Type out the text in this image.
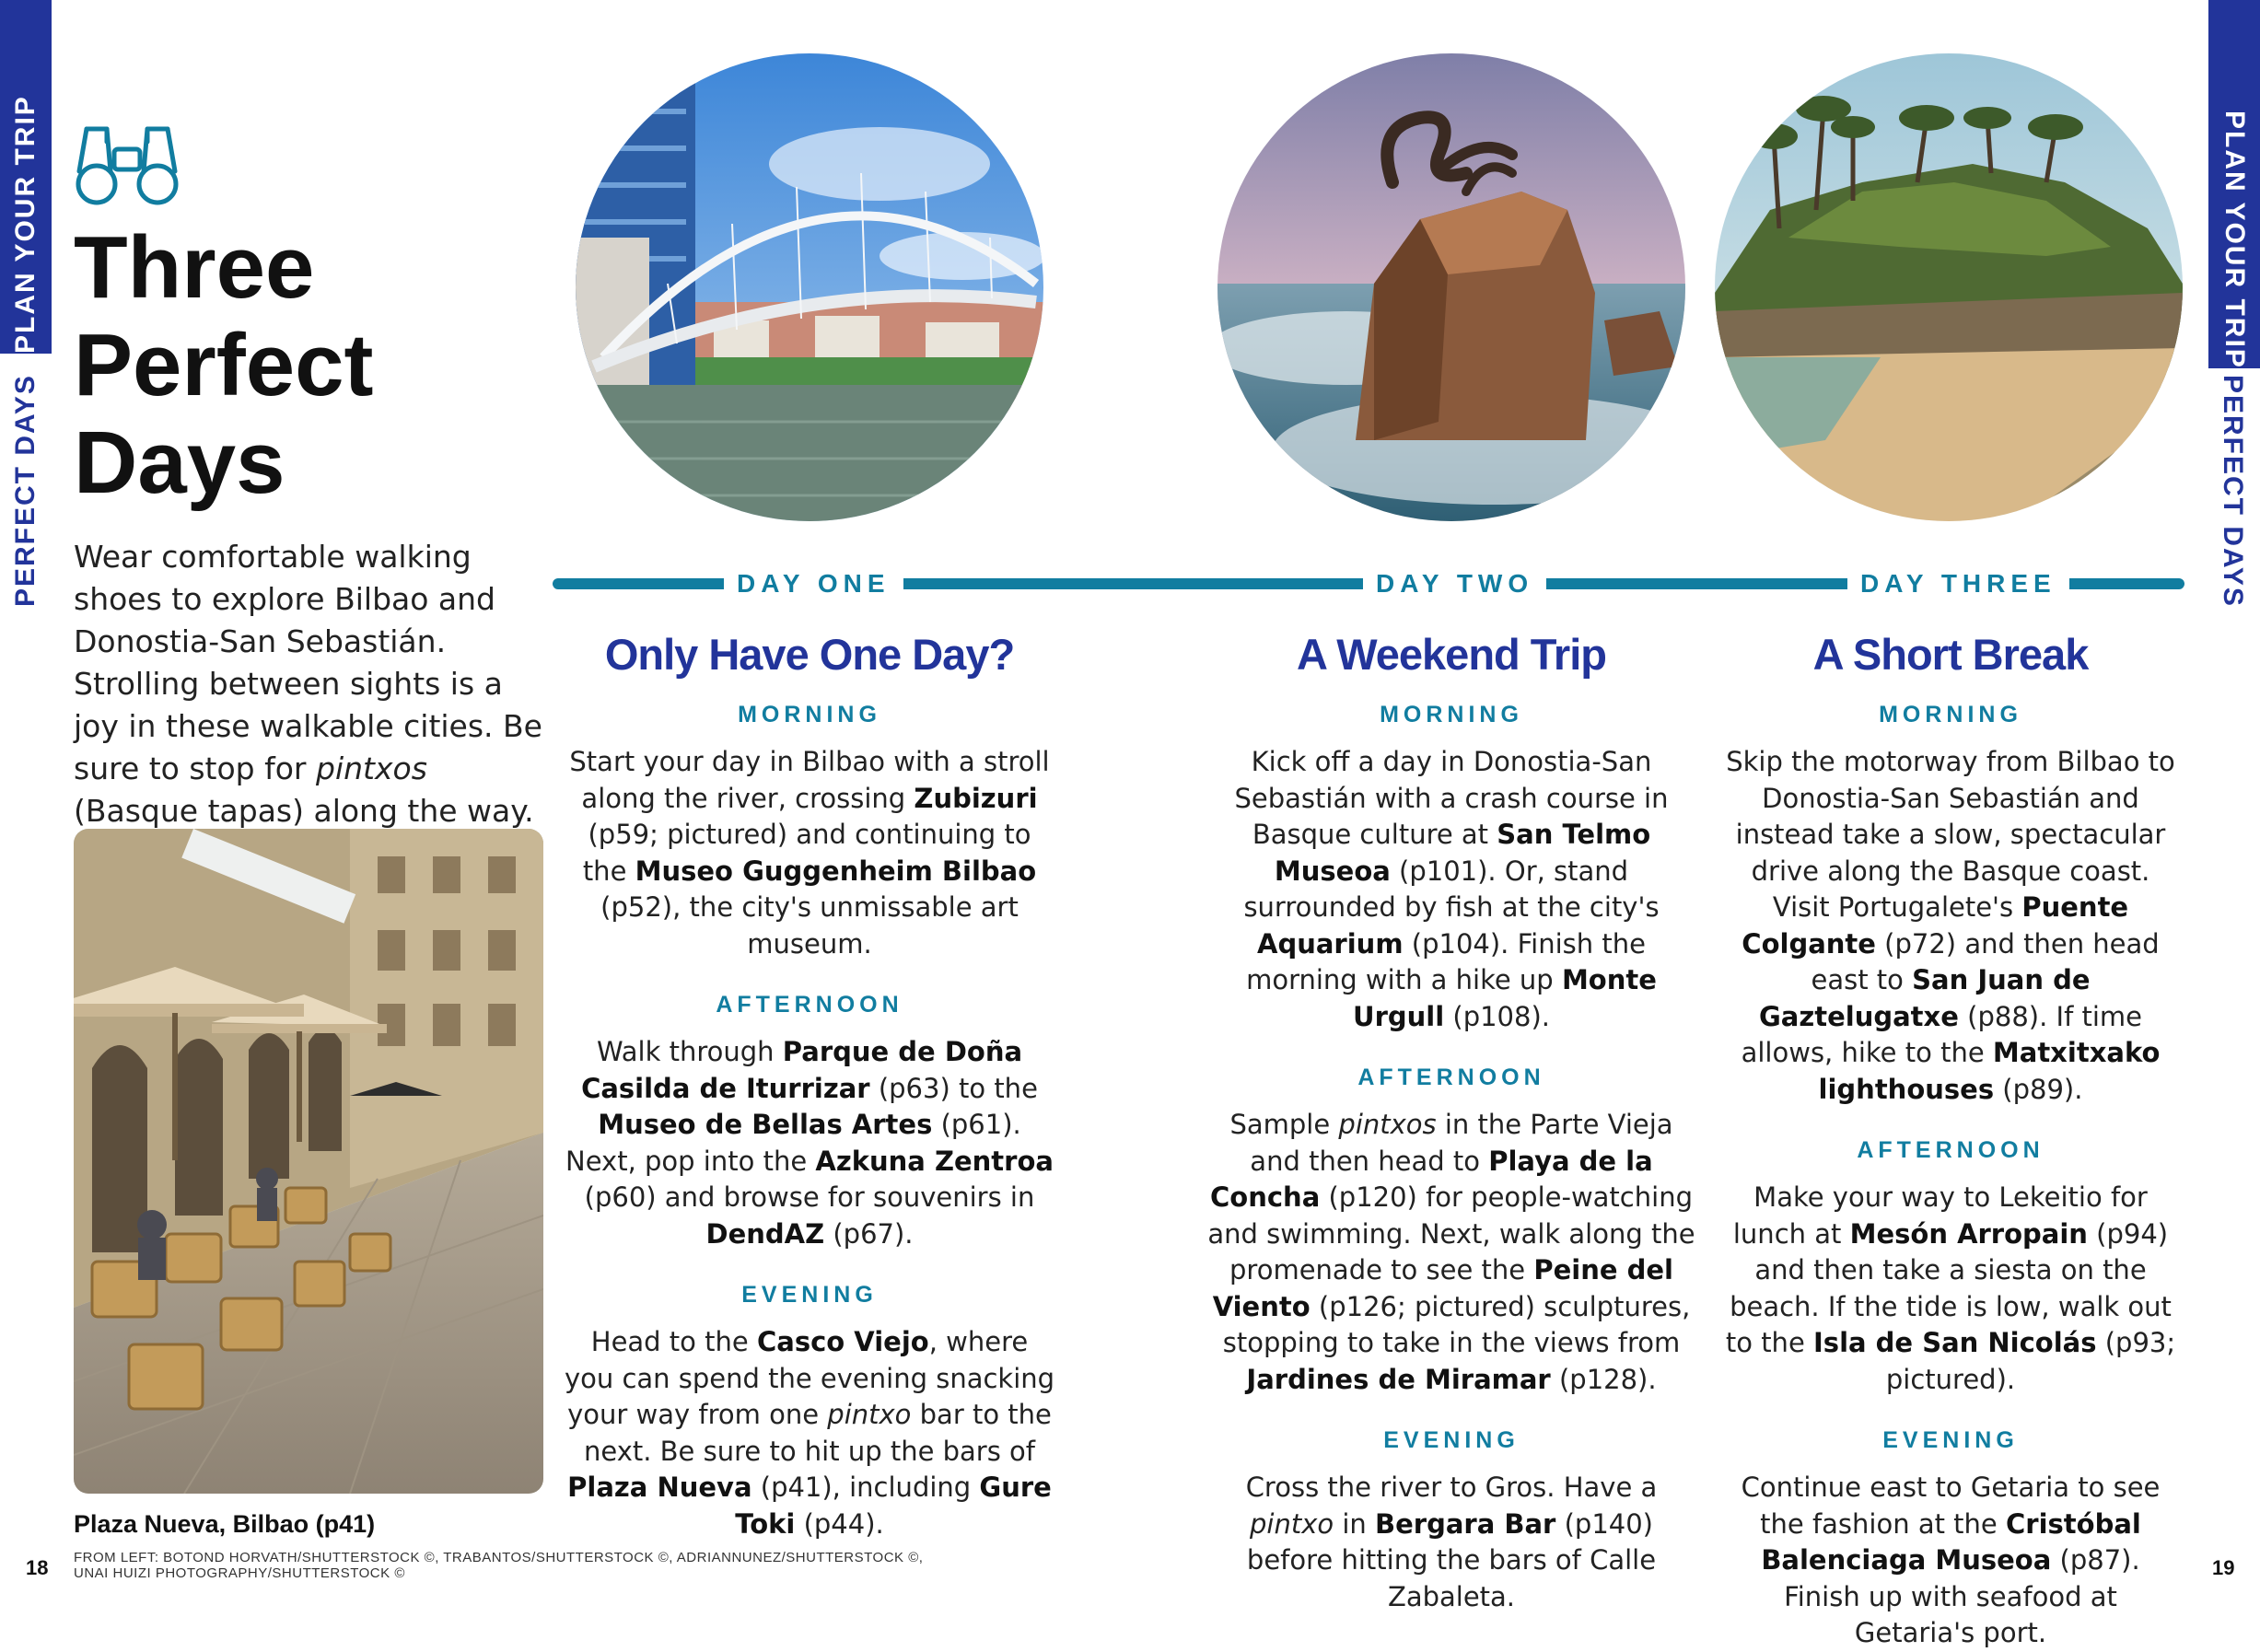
PLAN YOUR TRIP
PERFECT DAYS
PLAN YOUR TRIP
PERFECT DAYS
Three
Perfect
Days
Wear comfortable walking shoes to explore Bilbao and Donostia-San Sebastián. Strolling between sights is a joy in these walkable cities. Be sure to stop for pintxos (Basque tapas) along the way.
Plaza Nueva, Bilbao (p41)
FROM LEFT: BOTOND HORVATH/SHUTTERSTOCK ©, TRABANTOS/SHUTTERSTOCK ©, ADRIANNUNEZ/SHUTTERSTOCK ©,
UNAI HUIZI PHOTOGRAPHY/SHUTTERSTOCK ©
18	19
DAY ONE	DAY TWO	DAY THREE
Only Have One Day?
MORNING
Start your day in Bilbao with a stroll along the river, crossing Zubizuri (p59; pictured) and continuing to the Museo Guggenheim Bilbao (p52), the city's unmissable art museum.
AFTERNOON
Walk through Parque de Doña Casilda de Iturrizar (p63) to the Museo de Bellas Artes (p61). Next, pop into the Azkuna Zentroa (p60) and browse for souvenirs in DendAZ (p67).
EVENING
Head to the Casco Viejo, where you can spend the evening snacking your way from one pintxo bar to the next. Be sure to hit up the bars of Plaza Nueva (p41), including Gure Toki (p44).
A Weekend Trip
MORNING
Kick off a day in Donostia-San Sebastián with a crash course in Basque culture at San Telmo Museoa (p101). Or, stand surrounded by fish at the city's Aquarium (p104). Finish the morning with a hike up Monte Urgull (p108).
AFTERNOON
Sample pintxos in the Parte Vieja and then head to Playa de la Concha (p120) for people-watching and swimming. Next, walk along the promenade to see the Peine del Viento (p126; pictured) sculptures, stopping to take in the views from Jardines de Miramar (p128).
EVENING
Cross the river to Gros. Have a pintxo in Bergara Bar (p140) before hitting the bars of Calle Zabaleta.
A Short Break
MORNING
Skip the motorway from Bilbao to Donostia-San Sebastián and instead take a slow, spectacular drive along the Basque coast. Visit Portugalete's Puente Colgante (p72) and then head east to San Juan de Gaztelugatxe (p88). If time allows, hike to the Matxitxako lighthouses (p89).
AFTERNOON
Make your way to Lekeitio for lunch at Mesón Arropain (p94) and then take a siesta on the beach. If the tide is low, walk out to the Isla de San Nicolás (p93; pictured).
EVENING
Continue east to Getaria to see the fashion at the Cristóbal Balenciaga Museoa (p87). Finish up with seafood at Getaria's port.
